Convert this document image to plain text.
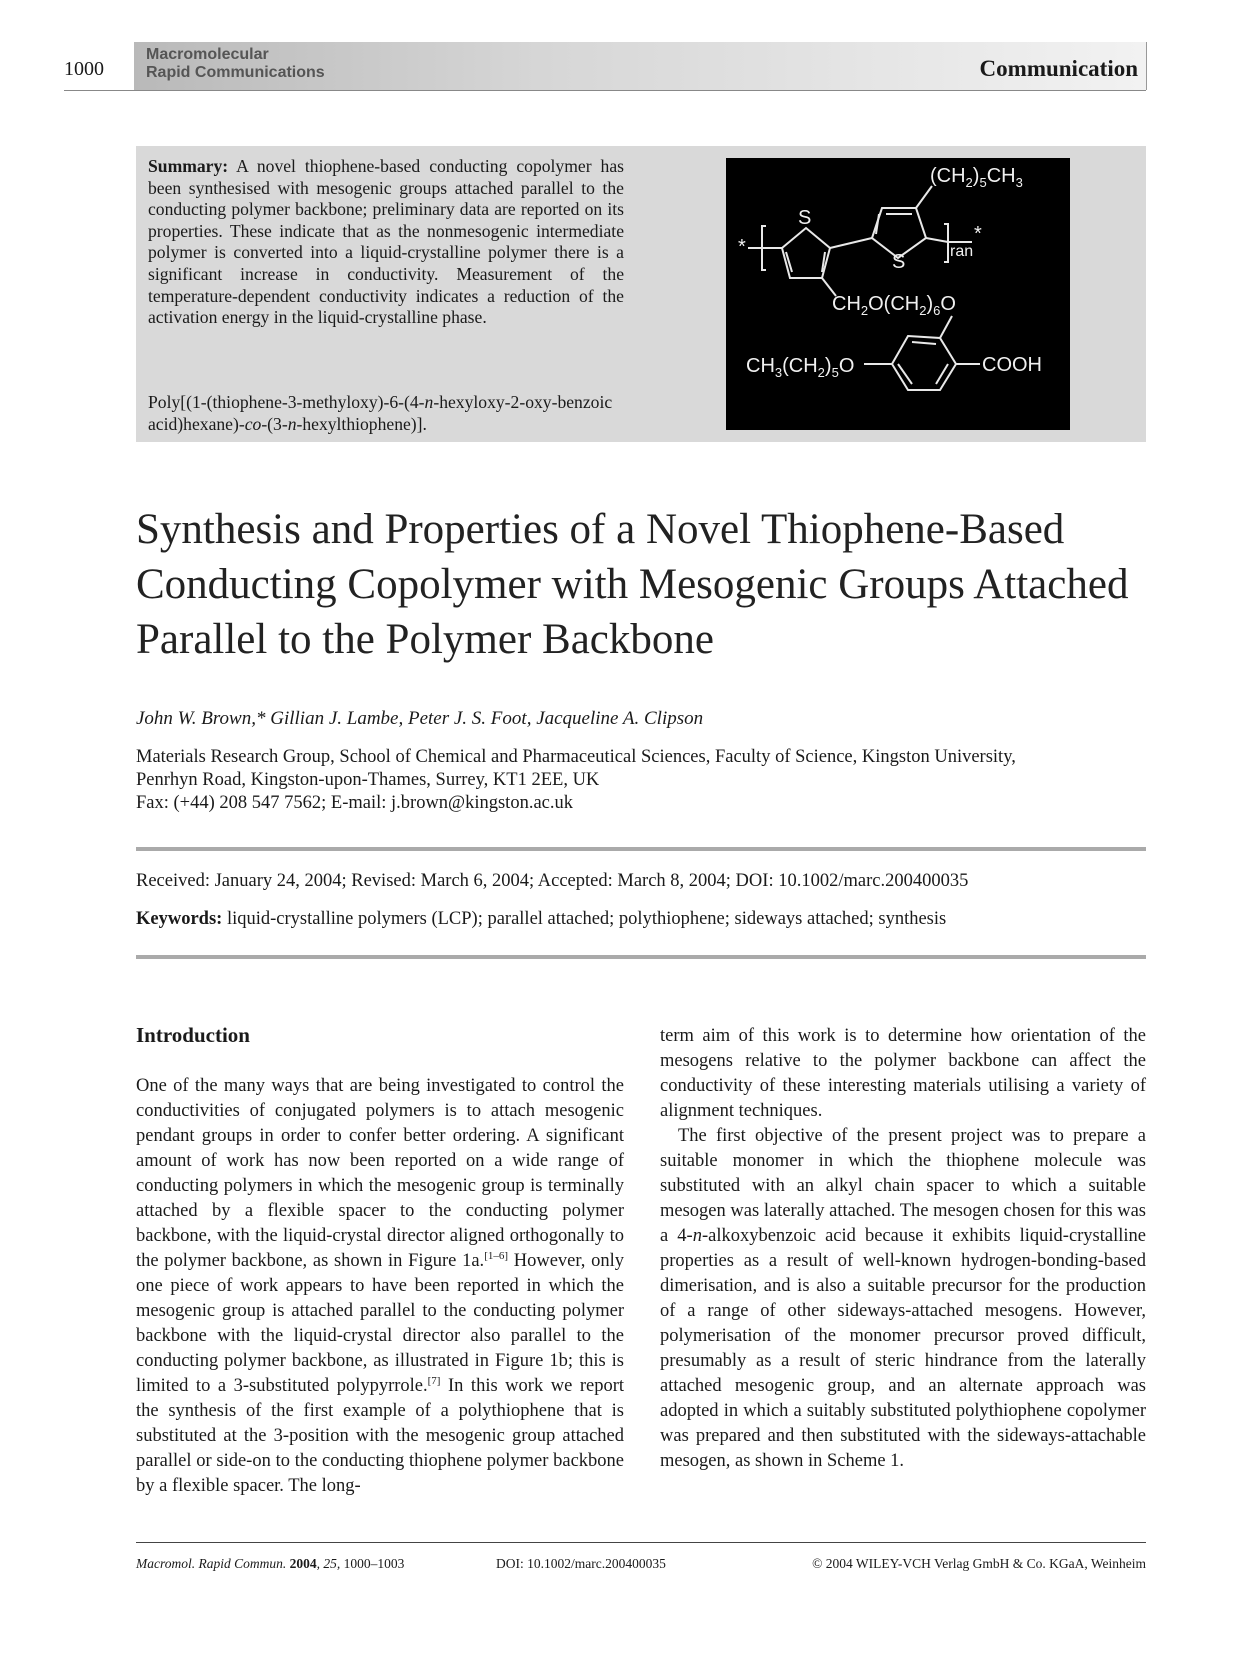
1000
Macromolecular
Rapid Communications	Communication
Summary: A novel thiophene-based conducting copolymer has been synthesised with mesogenic groups attached parallel to the conducting polymer backbone; preliminary data are reported on its properties. These indicate that as the nonmesogenic intermediate polymer is converted into a liquid-crystalline polymer there is a significant increase in conductivity. Measurement of the temperature-dependent conductivity indicates a reduction of the activation energy in the liquid-crystalline phase.
Poly[(1-(thiophene-3-methyloxy)-6-(4-n-hexyloxy-2-oxy-benzoic acid)hexane)-co-(3-n-hexylthiophene)].
*
*
S
S	ran
$(CH_2)_5CH_3$
$CH_2O(CH_2)_6O$
$CH_3(CH_2)_5O$	COOH
Synthesis and Properties of a Novel Thiophene-Based Conducting Copolymer with Mesogenic Groups Attached Parallel to the Polymer Backbone
John W. Brown,* Gillian J. Lambe, Peter J. S. Foot, Jacqueline A. Clipson
Materials Research Group, School of Chemical and Pharmaceutical Sciences, Faculty of Science, Kingston University,
Penrhyn Road, Kingston-upon-Thames, Surrey, KT1 2EE, UK
Fax: (+44) 208 547 7562; E-mail: j.brown@kingston.ac.uk
Received: January 24, 2004; Revised: March 6, 2004; Accepted: March 8, 2004; DOI: 10.1002/marc.200400035
Keywords: liquid-crystalline polymers (LCP); parallel attached; polythiophene; sideways attached; synthesis
Introduction

One of the many ways that are being investigated to control the conductivities of conjugated polymers is to attach mesogenic pendant groups in order to confer better ordering. A significant amount of work has now been reported on a wide range of conducting polymers in which the mesogenic group is terminally attached by a flexible spacer to the conducting polymer backbone, with the liquid-crystal director aligned orthogonally to the polymer backbone, as shown in Figure 1a.[1–6] However, only one piece of work appears to have been reported in which the mesogenic group is attached parallel to the conducting polymer backbone with the liquid-crystal director also parallel to the conducting polymer backbone, as illustrated in Figure 1b; this is limited to a 3-substituted polypyrrole.[7] In this work we report the synthesis of the first example of a polythiophene that is substituted at the 3-position with the mesogenic group attached parallel or side-on to the conducting thiophene polymer backbone by a flexible spacer. The long-

term aim of this work is to determine how orientation of the mesogens relative to the polymer backbone can affect the conductivity of these interesting materials utilising a variety of alignment techniques.

The first objective of the present project was to prepare a suitable monomer in which the thiophene molecule was substituted with an alkyl chain spacer to which a suitable mesogen was laterally attached. The mesogen chosen for this was a 4-n-alkoxybenzoic acid because it exhibits liquid-crystalline properties as a result of well-known hydrogen-bonding-based dimerisation, and is also a suitable precursor for the production of a range of other sideways-attached mesogens. However, polymerisation of the monomer precursor proved difficult, presumably as a result of steric hindrance from the laterally attached mesogenic group, and an alternate approach was adopted in which a suitably substituted polythiophene copolymer was prepared and then substituted with the sideways-attachable mesogen, as shown in Scheme 1.

Macromol. Rapid Commun. 2004, 25, 1000–1003	DOI: 10.1002/marc.200400035	© 2004 WILEY-VCH Verlag GmbH & Co. KGaA, Weinheim
